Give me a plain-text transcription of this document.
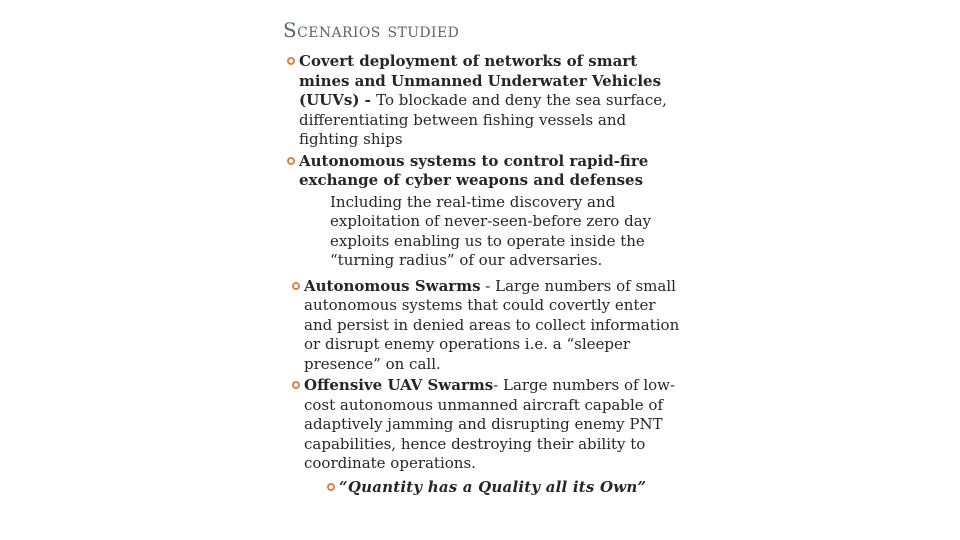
Scenarios studied
Covert deployment of networks of smart
mines and Unmanned Underwater Vehicles
(UUVs) - To blockade and deny the sea surface,
differentiating between fishing vessels and
fighting ships
Autonomous systems to control rapid-fire
exchange of cyber weapons and defenses
Including the real-time discovery and
exploitation of never-seen-before zero day
exploits enabling us to operate inside the
“turning radius” of our adversaries.
Autonomous Swarms - Large numbers of small
autonomous systems that could covertly enter
and persist in denied areas to collect information
or disrupt enemy operations i.e. a “sleeper
presence” on call.
Offensive UAV Swarms- Large numbers of low-
cost autonomous unmanned aircraft capable of
adaptively jamming and disrupting enemy PNT
capabilities, hence destroying their ability to
coordinate operations.
“Quantity has a Quality all its Own”
